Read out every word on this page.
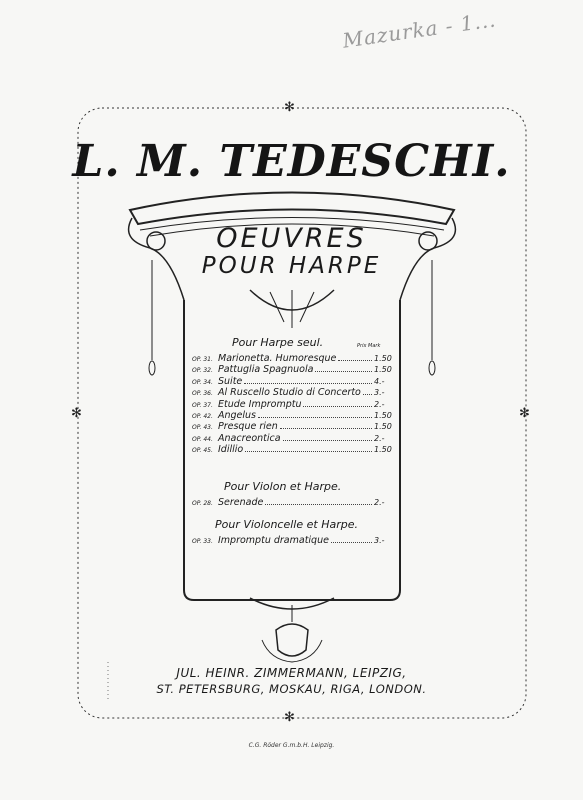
Mazurka - 1...
✻
✻
✻	✻
L. M. TEDESCHI.
OEUVRES
POUR HARPE
Pour Harpe seul.	Prix Mark
OP. 31. Marionetta. Humoresque	1.50
OP. 32. Pattuglia Spagnuola	1.50
OP. 34. Suite	4.-
OP. 36. Al Ruscello Studio di Concerto 3.-
OP. 37. Etude Impromptu	2.-
OP. 42. Angelus	1.50
OP. 43. Presque rien	1.50
OP. 44. Anacreontica	2.-
OP. 45. Idillio	1.50
Pour Violon et Harpe.
OP. 28. Serenade	2.-
Pour Violoncelle et Harpe.
OP. 33. Impromptu dramatique	3.-
JUL. HEINR. ZIMMERMANN, LEIPZIG,
ST. PETERSBURG, MOSKAU, RIGA, LONDON.
C.G. Röder G.m.b.H. Leipzig.
